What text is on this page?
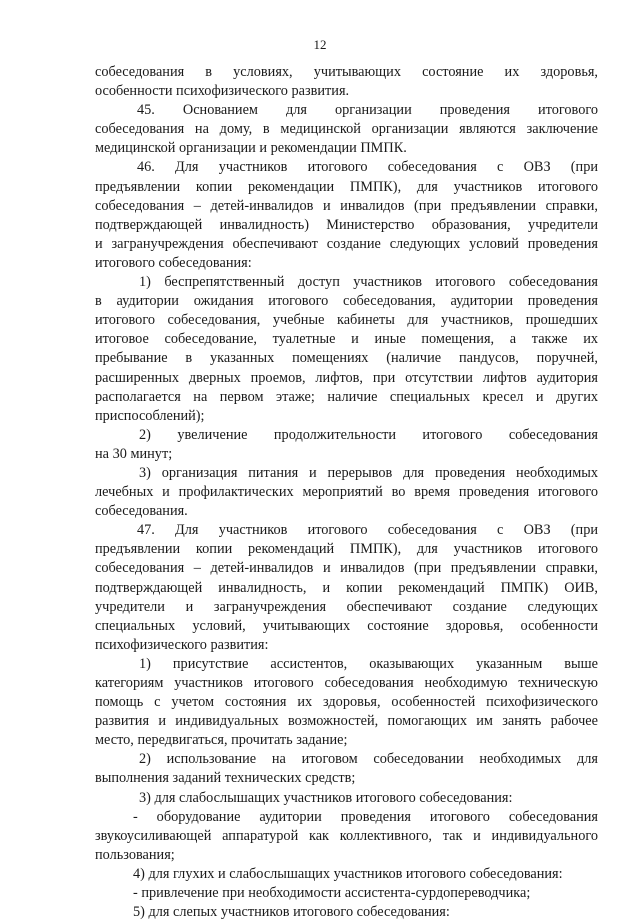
12
собеседования в условиях, учитывающих состояние их здоровья,
особенности психофизического развития.
45. Основанием для организации проведения итогового
собеседования на дому, в медицинской организации являются заключение
медицинской организации и рекомендации ПМПК.
46. Для участников итогового собеседования с ОВЗ (при
предъявлении копии рекомендации ПМПК), для участников итогового
собеседования – детей-инвалидов и инвалидов (при предъявлении справки,
подтверждающей инвалидность) Министерство образования, учредители
и загранучреждения обеспечивают создание следующих условий проведения
итогового собеседования:
1) беспрепятственный доступ участников итогового собеседования
в аудитории ожидания итогового собеседования, аудитории проведения
итогового собеседования, учебные кабинеты для участников, прошедших
итоговое собеседование, туалетные и иные помещения, а также их
пребывание в указанных помещениях (наличие пандусов, поручней,
расширенных дверных проемов, лифтов, при отсутствии лифтов аудитория
располагается на первом этаже; наличие специальных кресел и других
приспособлений);
2) увеличение продолжительности итогового собеседования
на 30 минут;
3) организация питания и перерывов для проведения необходимых
лечебных и профилактических мероприятий во время проведения итогового
собеседования.
47. Для участников итогового собеседования с ОВЗ (при
предъявлении копии рекомендаций ПМПК), для участников итогового
собеседования – детей-инвалидов и инвалидов (при предъявлении справки,
подтверждающей инвалидность, и копии рекомендаций ПМПК) ОИВ,
учредители и загранучреждения обеспечивают создание следующих
специальных условий, учитывающих состояние здоровья, особенности
психофизического развития:
1) присутствие ассистентов, оказывающих указанным выше
категориям участников итогового собеседования необходимую техническую
помощь с учетом состояния их здоровья, особенностей психофизического
развития и индивидуальных возможностей, помогающих им занять рабочее
место, передвигаться, прочитать задание;
2) использование на итоговом собеседовании необходимых для
выполнения заданий технических средств;
3) для слабослышащих участников итогового собеседования:
- оборудование аудитории проведения итогового собеседования
звукоусиливающей аппаратурой как коллективного, так и индивидуального
пользования;
4) для глухих и слабослышащих участников итогового собеседования:
- привлечение при необходимости ассистента-сурдопереводчика;
5) для слепых участников итогового собеседования:
